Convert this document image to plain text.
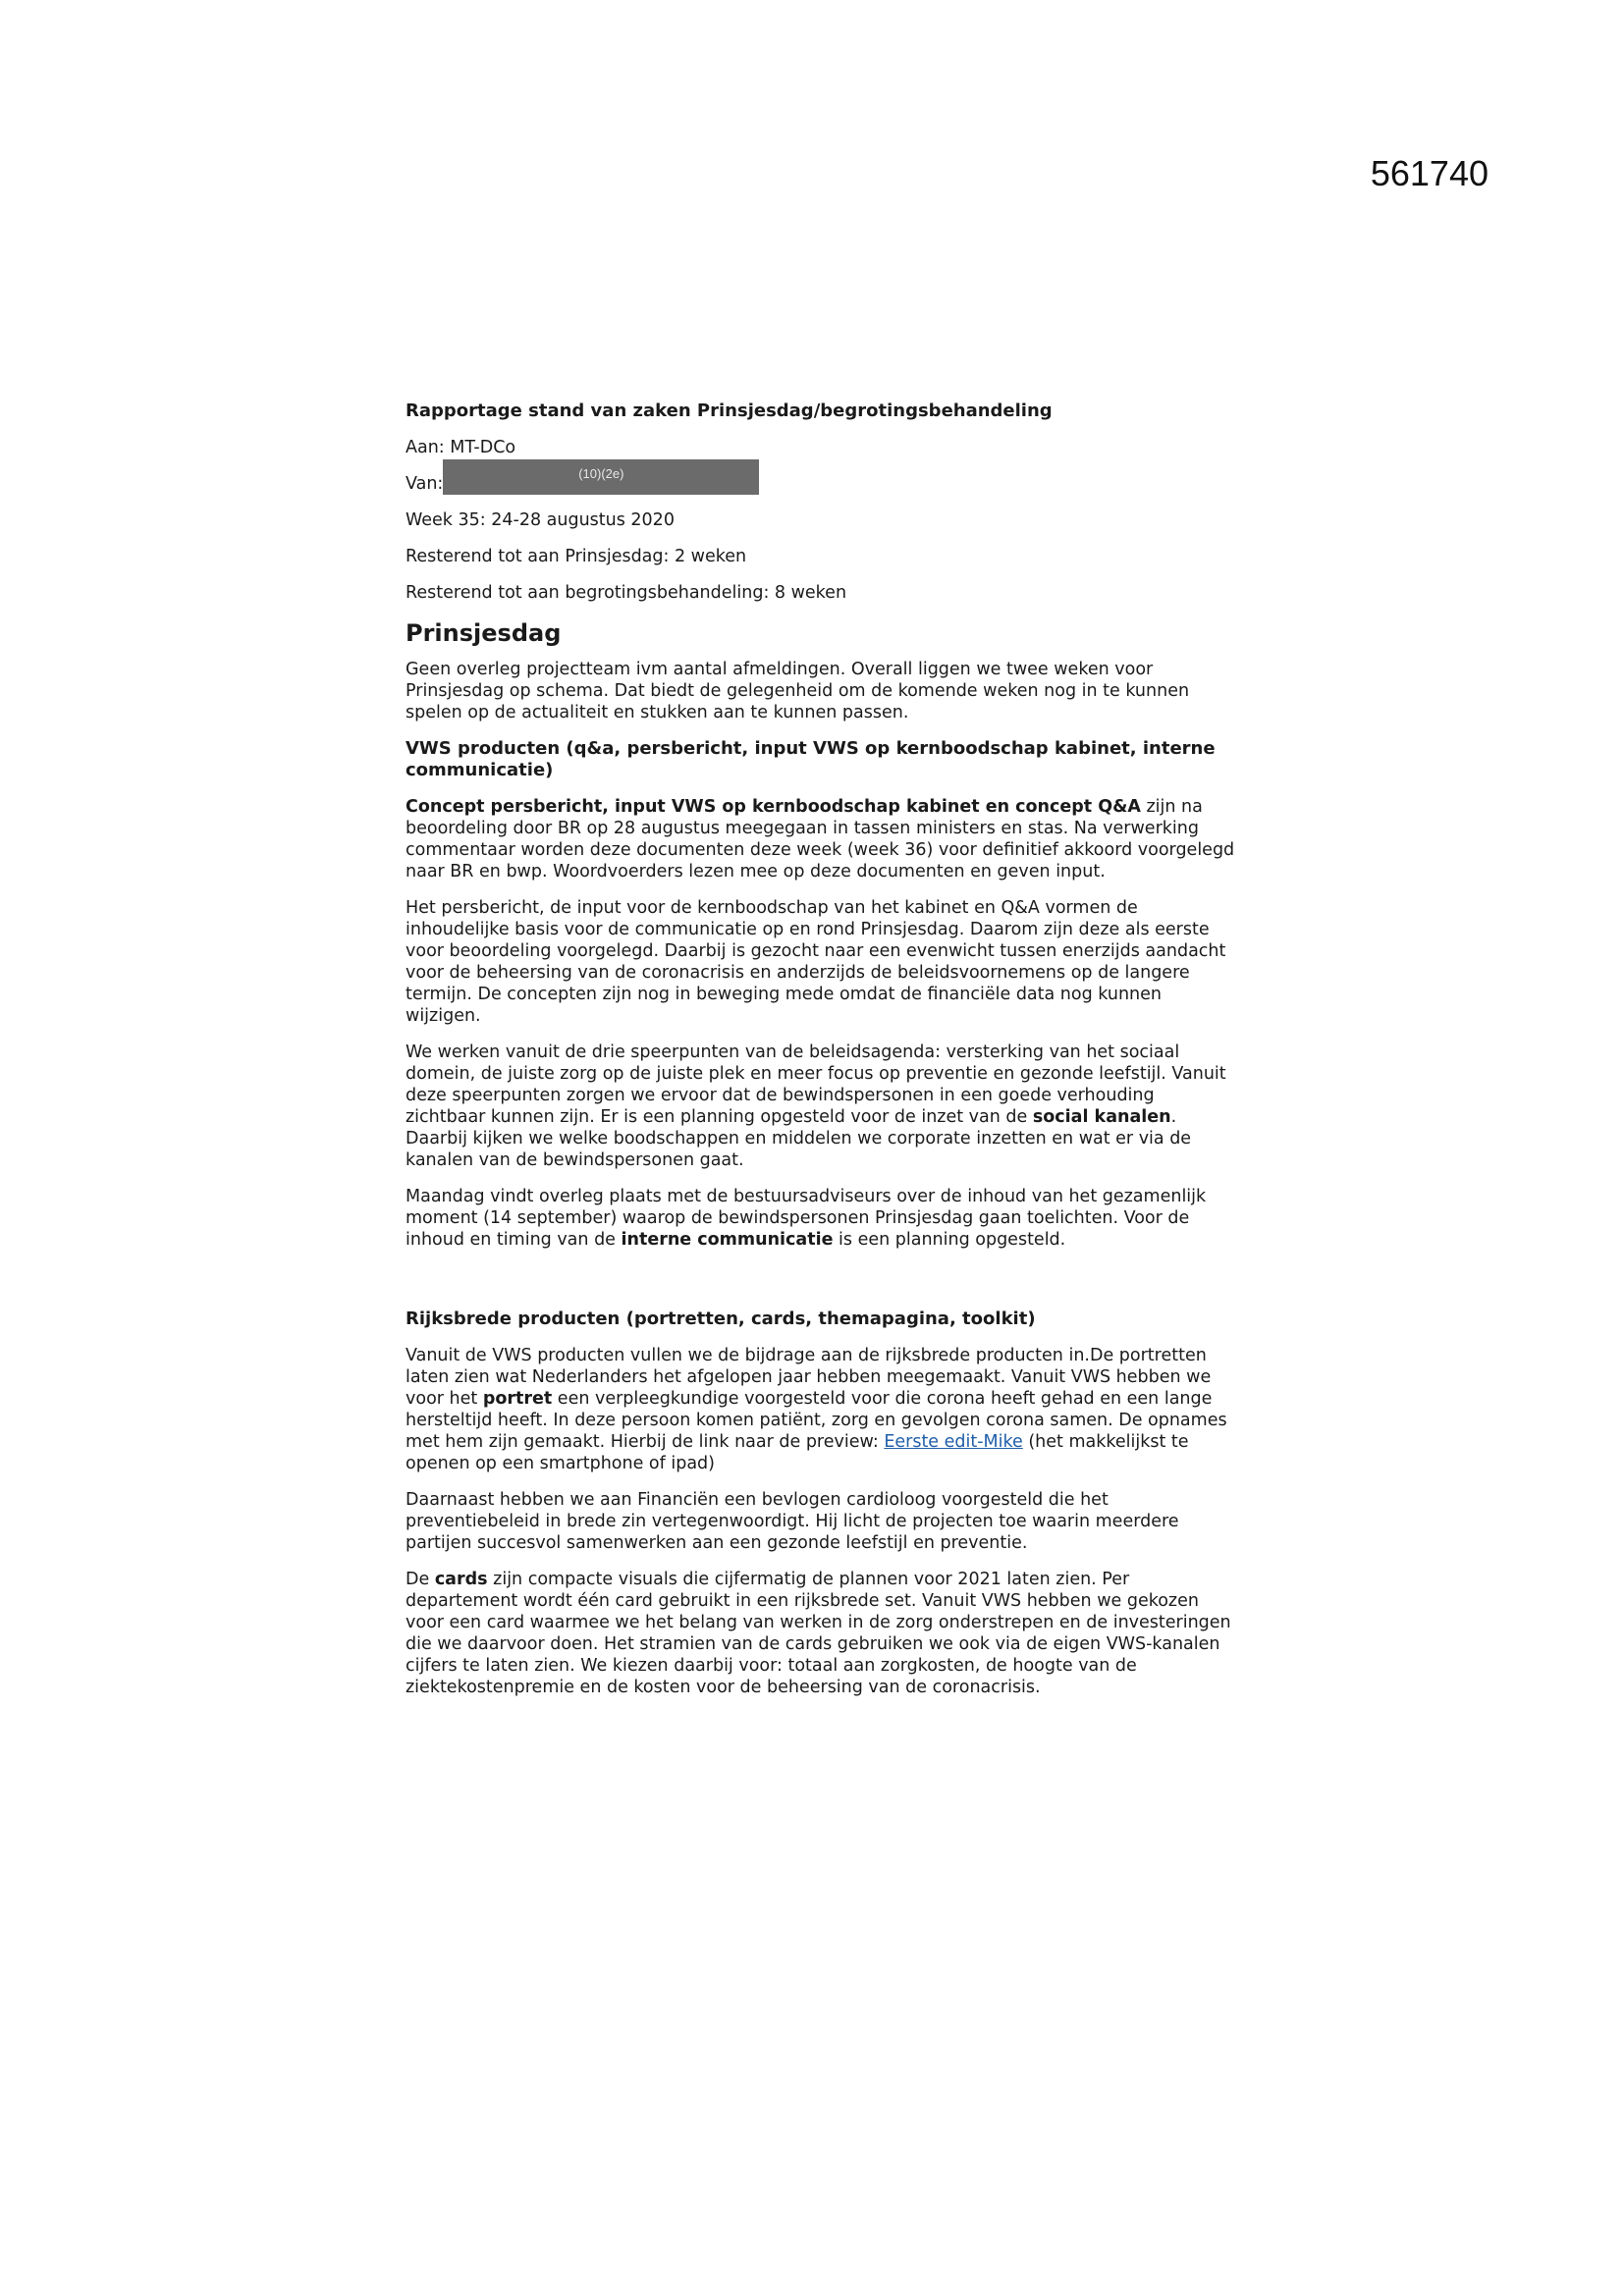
561740
Rapportage stand van zaken Prinsjesdag/begrotingsbehandeling
Aan: MT-DCo
Van:(10)(2e)
Week 35: 24-28 augustus 2020
Resterend tot aan Prinsjesdag: 2 weken
Resterend tot aan begrotingsbehandeling: 8 weken
Prinsjesdag
Geen overleg projectteam ivm aantal afmeldingen. Overall liggen we twee weken voor Prinsjesdag op schema. Dat biedt de gelegenheid om de komende weken nog in te kunnen spelen op de actualiteit en stukken aan te kunnen passen.
VWS producten (q&a, persbericht, input VWS op kernboodschap kabinet, interne communicatie)
Concept persbericht, input VWS op kernboodschap kabinet en concept Q&A zijn na beoordeling door BR op 28 augustus meegegaan in tassen ministers en stas. Na verwerking commentaar worden deze documenten deze week (week 36) voor definitief akkoord voorgelegd naar BR en bwp. Woordvoerders lezen mee op deze documenten en geven input.
Het persbericht, de input voor de kernboodschap van het kabinet en Q&A vormen de inhoudelijke basis voor de communicatie op en rond Prinsjesdag. Daarom zijn deze als eerste voor beoordeling voorgelegd. Daarbij is gezocht naar een evenwicht tussen enerzijds aandacht voor de beheersing van de coronacrisis en anderzijds de beleidsvoornemens op de langere termijn. De concepten zijn nog in beweging mede omdat de financiële data nog kunnen wijzigen.
We werken vanuit de drie speerpunten van de beleidsagenda: versterking van het sociaal domein, de juiste zorg op de juiste plek en meer focus op preventie en gezonde leefstijl. Vanuit deze speerpunten zorgen we ervoor dat de bewindspersonen in een goede verhouding zichtbaar kunnen zijn. Er is een planning opgesteld voor de inzet van de social kanalen. Daarbij kijken we welke boodschappen en middelen we corporate inzetten en wat er via de kanalen van de bewindspersonen gaat.
Maandag vindt overleg plaats met de bestuursadviseurs over de inhoud van het gezamenlijk moment (14 september) waarop de bewindspersonen Prinsjesdag gaan toelichten. Voor de inhoud en timing van de interne communicatie is een planning opgesteld.
Rijksbrede producten (portretten, cards, themapagina, toolkit)
Vanuit de VWS producten vullen we de bijdrage aan de rijksbrede producten in.De portretten laten zien wat Nederlanders het afgelopen jaar hebben meegemaakt. Vanuit VWS hebben we voor het portret een verpleegkundige voorgesteld voor die corona heeft gehad en een lange hersteltijd heeft. In deze persoon komen patiënt, zorg en gevolgen corona samen. De opnames met hem zijn gemaakt. Hierbij de link naar de preview: Eerste edit-Mike (het makkelijkst te openen op een smartphone of ipad)
Daarnaast hebben we aan Financiën een bevlogen cardioloog voorgesteld die het preventiebeleid in brede zin vertegenwoordigt. Hij licht de projecten toe waarin meerdere partijen succesvol samenwerken aan een gezonde leefstijl en preventie.
De cards zijn compacte visuals die cijfermatig de plannen voor 2021 laten zien. Per departement wordt één card gebruikt in een rijksbrede set. Vanuit VWS hebben we gekozen voor een card waarmee we het belang van werken in de zorg onderstrepen en de investeringen die we daarvoor doen. Het stramien van de cards gebruiken we ook via de eigen VWS-kanalen cijfers te laten zien. We kiezen daarbij voor: totaal aan zorgkosten, de hoogte van de ziektekostenpremie en de kosten voor de beheersing van de coronacrisis.
